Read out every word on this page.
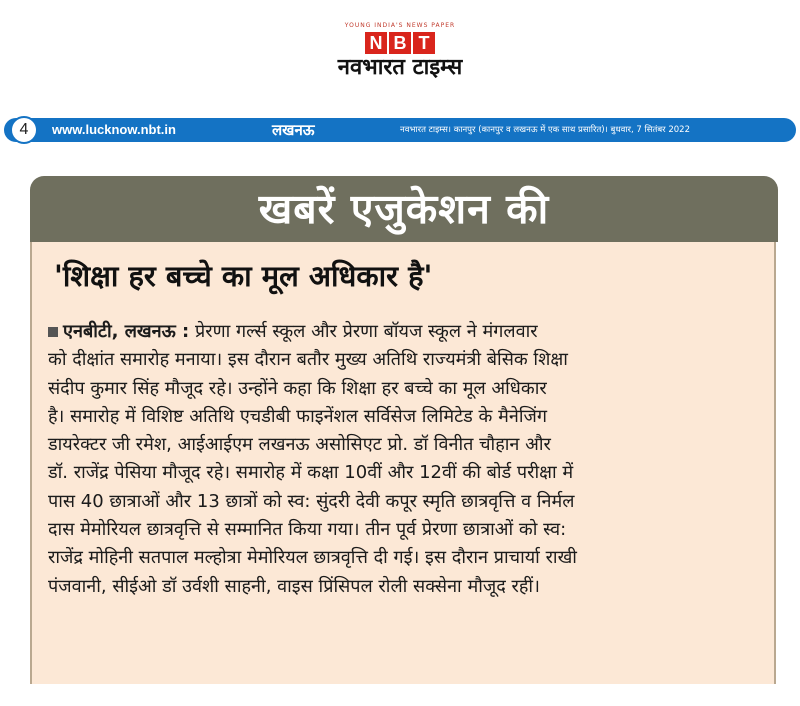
YOUNG INDIA'S NEWS PAPER
N B T
नवभारत टाइम्स
4	www.lucknow.nbt.in	लखनऊ	नवभारत टाइम्स। कानपुर (कानपुर व लखनऊ में एक साथ प्रसारित)। बुधवार, 7 सितंबर 2022
खबरें एजुकेशन की
'शिक्षा हर बच्चे का मूल अधिकार है'
एनबीटी, लखनऊ : प्रेरणा गर्ल्स स्कूल और प्रेरणा बॉयज स्कूल ने मंगलवार
को दीक्षांत समारोह मनाया। इस दौरान बतौर मुख्य अतिथि राज्यमंत्री बेसिक शिक्षा
संदीप कुमार सिंह मौजूद रहे। उन्होंने कहा कि शिक्षा हर बच्चे का मूल अधिकार
है। समारोह में विशिष्ट अतिथि एचडीबी फाइनेंशल सर्विसेज लिमिटेड के मैनेजिंग
डायरेक्टर जी रमेश, आईआईएम लखनऊ असोसिएट प्रो. डॉ विनीत चौहान और
डॉ. राजेंद्र पेसिया मौजूद रहे। समारोह में कक्षा 10वीं और 12वीं की बोर्ड परीक्षा में
पास 40 छात्राओं और 13 छात्रों को स्व: सुंदरी देवी कपूर स्मृति छात्रवृत्ति व निर्मल
दास मेमोरियल छात्रवृत्ति से सम्मानित किया गया। तीन पूर्व प्रेरणा छात्राओं को स्व:
राजेंद्र मोहिनी सतपाल मल्होत्रा मेमोरियल छात्रवृत्ति दी गई। इस दौरान प्राचार्या राखी
पंजवानी, सीईओ डॉ उर्वशी साहनी, वाइस प्रिंसिपल रोली सक्सेना मौजूद रहीं।
